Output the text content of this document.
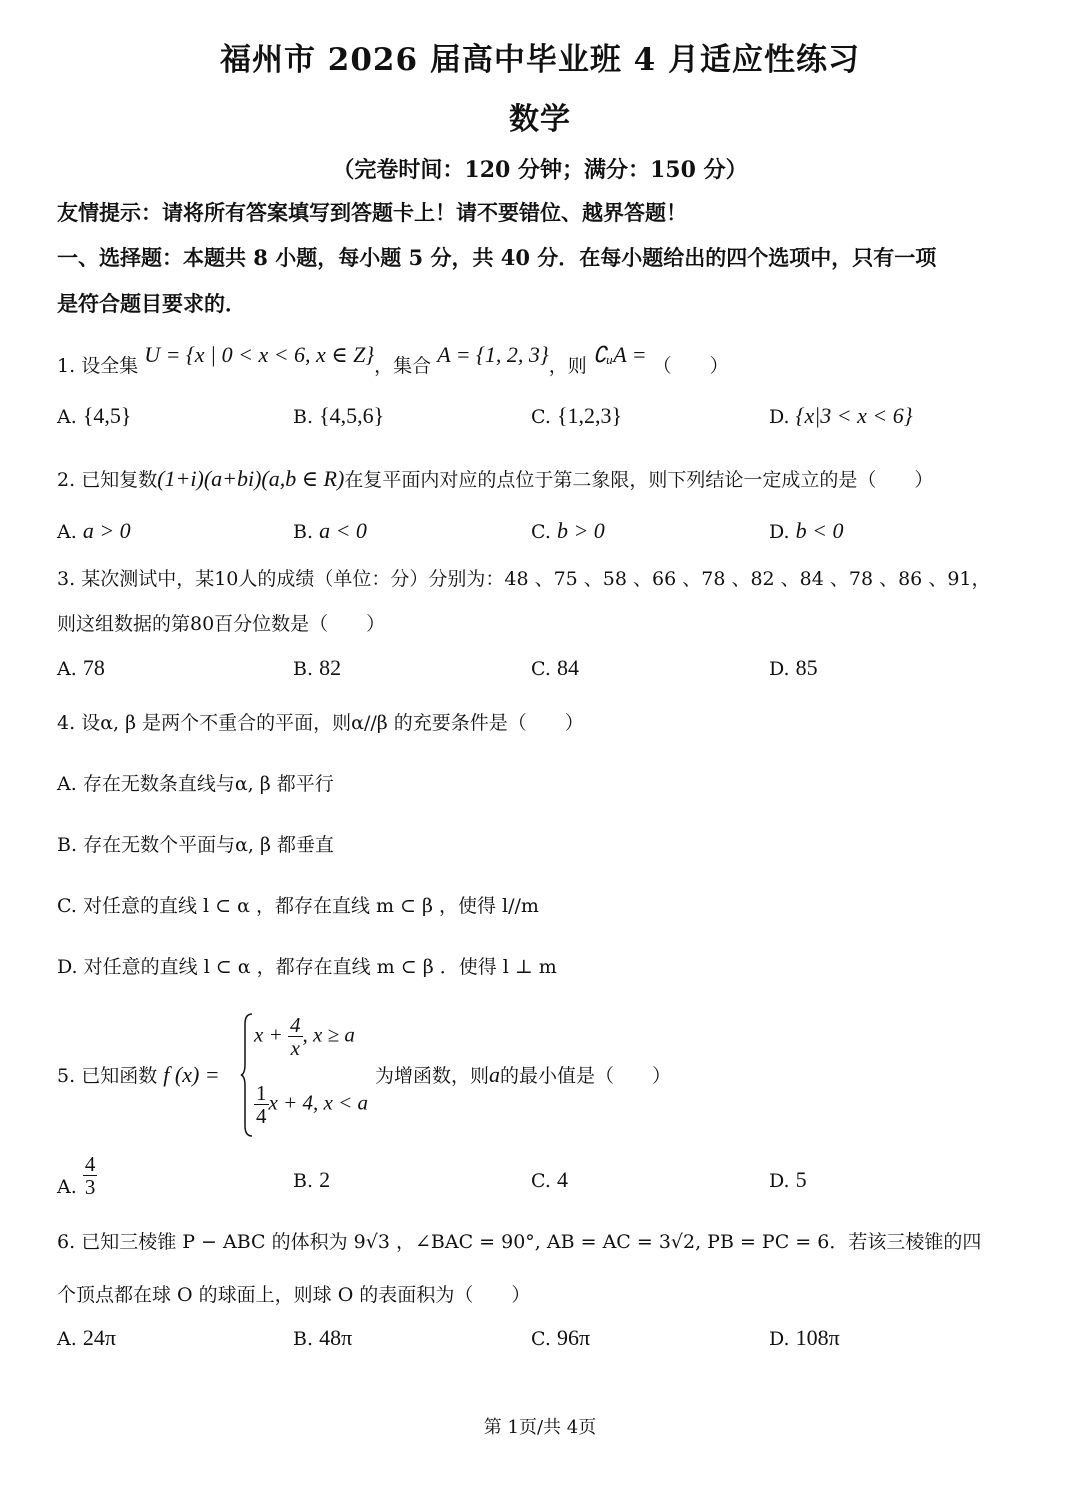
福州市 2026 届高中毕业班 4 月适应性练习
数学
（完卷时间：120 分钟；满分：150 分）
友情提示：请将所有答案填写到答题卡上！请不要错位、越界答题！
一、选择题：本题共 8 小题，每小题 5 分，共 40 分．在每小题给出的四个选项中，只有一项
是符合题目要求的．
1. 设全集 U = {x | 0 < x < 6, x ∈ Z}，集合 A = {1, 2, 3}，则 ∁ᵤA = （　　）
A. {4,5}	B. {4,5,6}	C. {1,2,3}	D. {x|3 < x < 6}
2. 已知复数(1+i)(a+bi)(a,b ∈ R)在复平面内对应的点位于第二象限，则下列结论一定成立的是（　　）
A. a > 0	B. a < 0	C. b > 0	D. b < 0
3. 某次测试中，某10人的成绩（单位：分）分别为：48 、75 、58 、66 、78 、82 、84 、78 、86 、91，
则这组数据的第80百分位数是（　　）
A. 78	B. 82	C. 84	D. 85
4. 设α, β 是两个不重合的平面，则α//β 的充要条件是（　　）
A. 存在无数条直线与α, β 都平行
B. 存在无数个平面与α, β 都垂直
C. 对任意的直线 l ⊂ α ，都存在直线 m ⊂ β ，使得 l//m
D. 对任意的直线 l ⊂ α ，都存在直线 m ⊂ β ．使得 l ⊥ m
5. 已知函数 f (x) =
$x + \frac{4}{x}$ , x ≥ a
$\frac{1}{4}$ x + 4, x < a
为增函数，则a的最小值是（　　）
A. $\frac{4}{3}$	B. 2	C. 4	D. 5
6. 已知三棱锥 P − ABC 的体积为 9√3 ，∠BAC = 90°, AB = AC = 3√2, PB = PC = 6．若该三棱锥的四
个顶点都在球 O 的球面上，则球 O 的表面积为（　　）
A. 24π	B. 48π	C. 96π	D. 108π
第 1页/共 4页
